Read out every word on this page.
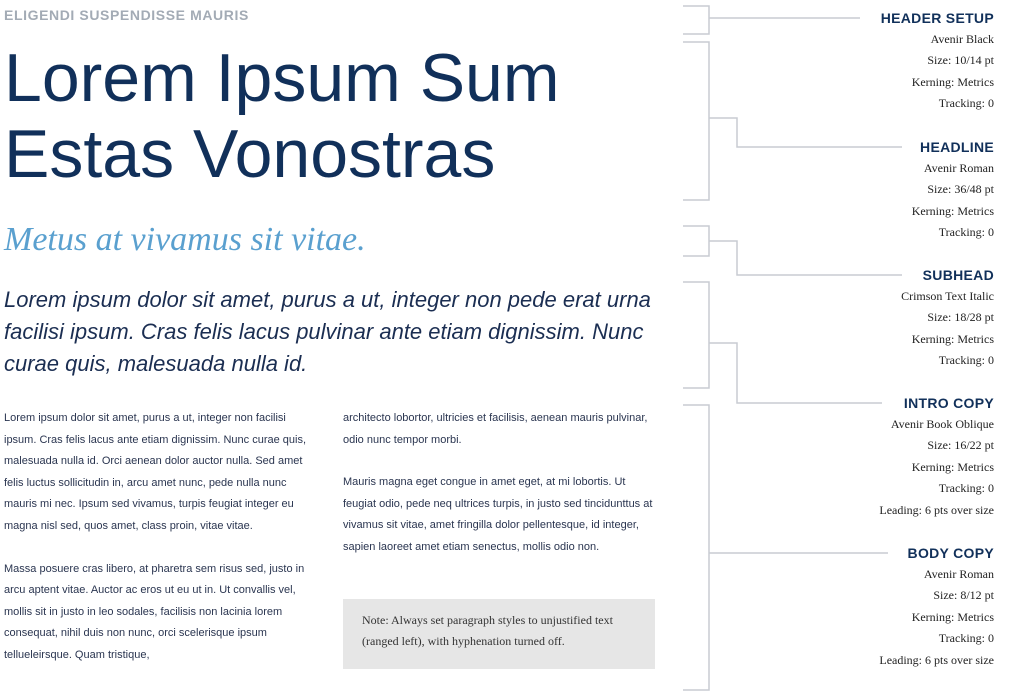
ELIGENDI SUSPENDISSE MAURIS
Lorem Ipsum Sum
Estas Vonostras
Metus at vivamus sit vitae.
Lorem ipsum dolor sit amet, purus a ut, integer non pede erat urna facilisi ipsum. Cras felis lacus pulvinar ante etiam dignissim. Nunc curae quis, malesuada nulla id.

Lorem ipsum dolor sit amet, purus a ut, integer non facilisi ipsum. Cras felis lacus ante etiam dignissim. Nunc curae quis, malesuada nulla id. Orci aenean dolor auctor nulla. Sed amet felis luctus sollicitudin in, arcu amet nunc, pede nulla nunc mauris mi nec. Ipsum sed vivamus, turpis feugiat integer eu magna nisl sed, quos amet, class proin, vitae vitae.

Massa posuere cras libero, at pharetra sem risus sed, justo in arcu aptent vitae. Auctor ac eros ut eu ut in. Ut convallis vel, mollis sit in justo in leo sodales, facilisis non lacinia lorem consequat, nihil duis non nunc, orci scelerisque ipsum tellueleirsque. Quam tristique,

architecto lobortor, ultricies et facilisis, aenean mauris pulvinar, odio nunc tempor morbi.

Mauris magna eget congue in amet eget, at mi lobortis. Ut feugiat odio, pede neq ultrices turpis, in justo sed tincidunttus at vivamus sit vitae, amet fringilla dolor pellentesque, id integer, sapien laoreet amet etiam senectus, mollis odio non.

Note: Always set paragraph styles to unjustified text (ranged left), with hyphenation turned off.
HEADER SETUP
Avenir Black
Size: 10/14 pt
Kerning: Metrics
Tracking: 0
HEADLINE
Avenir Roman
Size: 36/48 pt
Kerning: Metrics
Tracking: 0
SUBHEAD
Crimson Text Italic
Size: 18/28 pt
Kerning: Metrics
Tracking: 0
INTRO COPY
Avenir Book Oblique
Size: 16/22 pt
Kerning: Metrics
Tracking: 0
Leading: 6 pts over size
BODY COPY
Avenir Roman
Size: 8/12 pt
Kerning: Metrics
Tracking: 0
Leading: 6 pts over size
